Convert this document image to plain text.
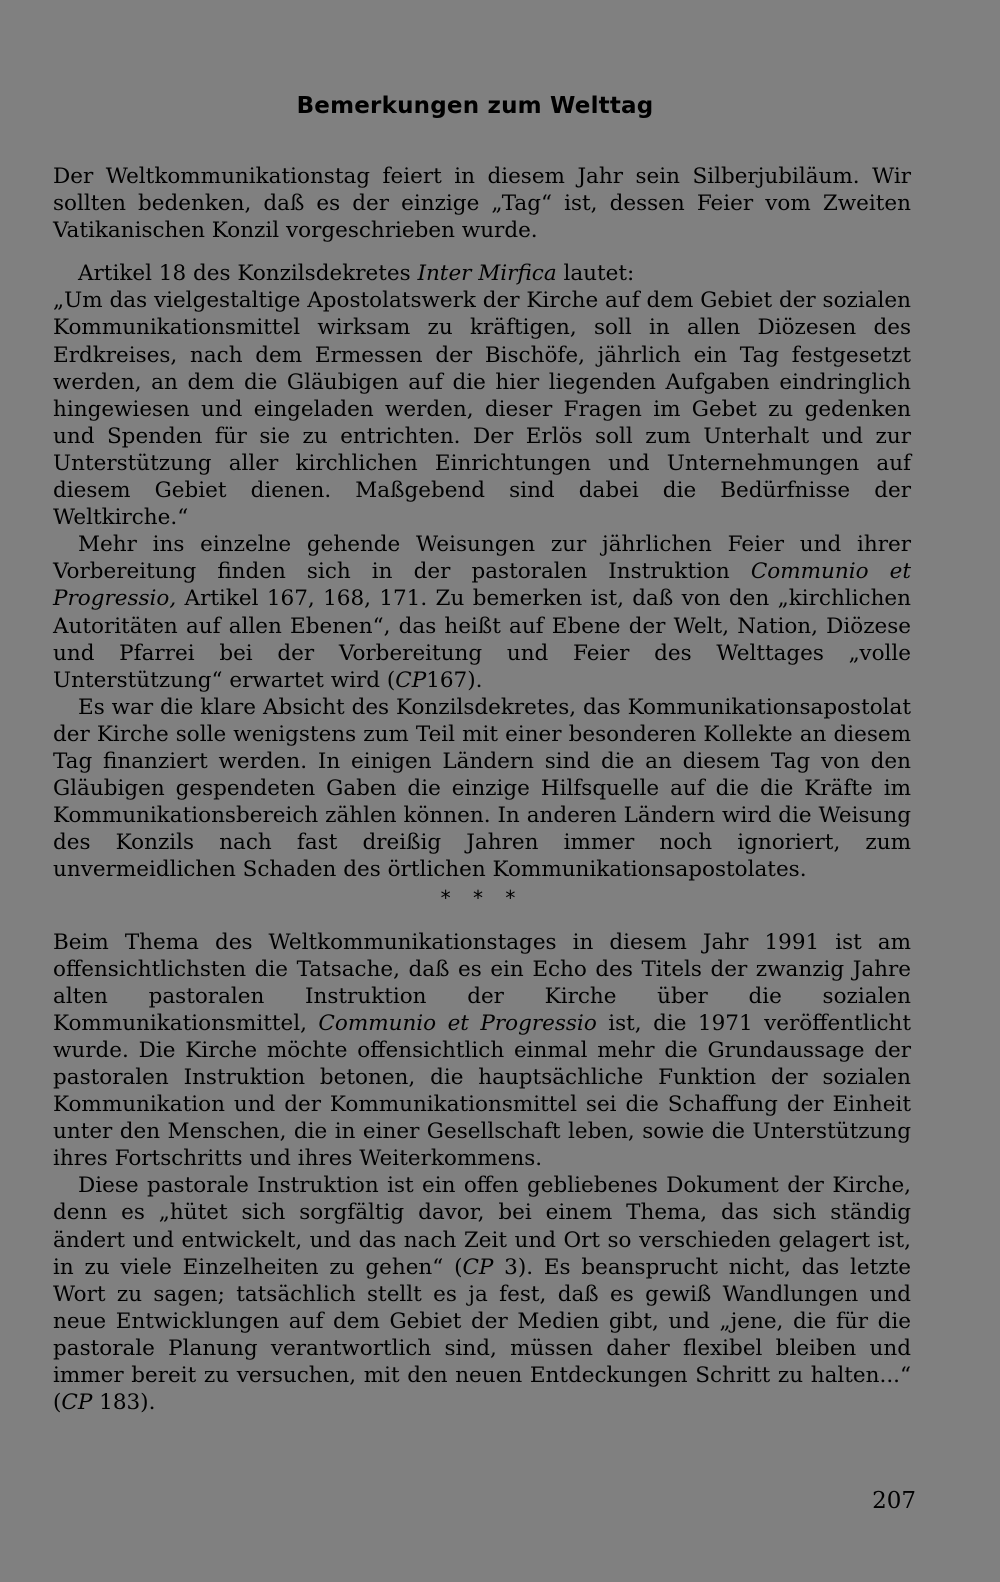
Bemerkungen zum Welttag

Der Weltkommunikationstag feiert in diesem Jahr sein Silberjubiläum. Wir sollten bedenken, daß es der einzige „Tag“ ist, dessen Feier vom Zweiten Vatikanischen Konzil vorgeschrieben wurde.

Artikel 18 des Konzilsdekretes Inter Mirfica lautet:

„Um das vielgestaltige Apostolatswerk der Kirche auf dem Gebiet der sozialen Kommunikationsmittel wirksam zu kräftigen, soll in allen Diözesen des Erdkreises, nach dem Ermessen der Bischöfe, jährlich ein Tag festgesetzt werden, an dem die Gläubigen auf die hier liegenden Aufgaben eindringlich hingewiesen und eingeladen werden, dieser Fragen im Gebet zu gedenken und Spenden für sie zu entrichten. Der Erlös soll zum Unterhalt und zur Unterstützung aller kirchlichen Einrichtungen und Unternehmungen auf diesem Gebiet dienen. Maßgebend sind dabei die Bedürfnisse der Weltkirche.“

Mehr ins einzelne gehende Weisungen zur jährlichen Feier und ihrer Vorbereitung finden sich in der pastoralen Instruktion Communio et Progressio, Artikel 167, 168, 171. Zu bemerken ist, daß von den „kirchlichen Autoritäten auf allen Ebenen“, das heißt auf Ebene der Welt, Nation, Diözese und Pfarrei bei der Vorbereitung und Feier des Welttages „volle Unterstützung“ erwartet wird (CP167).

Es war die klare Absicht des Konzilsdekretes, das Kommunikationsapostolat der Kirche solle wenigstens zum Teil mit einer besonderen Kollekte an diesem Tag finanziert werden. In einigen Ländern sind die an diesem Tag von den Gläubigen gespendeten Gaben die einzige Hilfsquelle auf die die Kräfte im Kommunikationsbereich zählen können. In anderen Ländern wird die Weisung des Konzils nach fast dreißig Jahren immer noch ignoriert, zum unvermeidlichen Schaden des örtlichen Kommunikationsapostolates.

* * *

Beim Thema des Weltkommunikationstages in diesem Jahr 1991 ist am offensichtlichsten die Tatsache, daß es ein Echo des Titels der zwanzig Jahre alten pastoralen Instruktion der Kirche über die sozialen Kommunikationsmittel, Communio et Progressio ist, die 1971 veröffentlicht wurde. Die Kirche möchte offensichtlich einmal mehr die Grundaussage der pastoralen Instruktion betonen, die hauptsächliche Funktion der sozialen Kommunikation und der Kommunikationsmittel sei die Schaffung der Einheit unter den Menschen, die in einer Gesellschaft leben, sowie die Unterstützung ihres Fortschritts und ihres Weiterkommens.

Diese pastorale Instruktion ist ein offen gebliebenes Dokument der Kirche, denn es „hütet sich sorgfältig davor, bei einem Thema, das sich ständig ändert und entwickelt, und das nach Zeit und Ort so verschieden gelagert ist, in zu viele Einzelheiten zu gehen“ (CP 3). Es beansprucht nicht, das letzte Wort zu sagen; tatsächlich stellt es ja fest, daß es gewiß Wandlungen und neue Entwicklungen auf dem Gebiet der Medien gibt, und „jene, die für die pastorale Planung verantwortlich sind, müssen daher flexibel bleiben und immer bereit zu versuchen, mit den neuen Entdeckungen Schritt zu halten...“ (CP 183).

207
